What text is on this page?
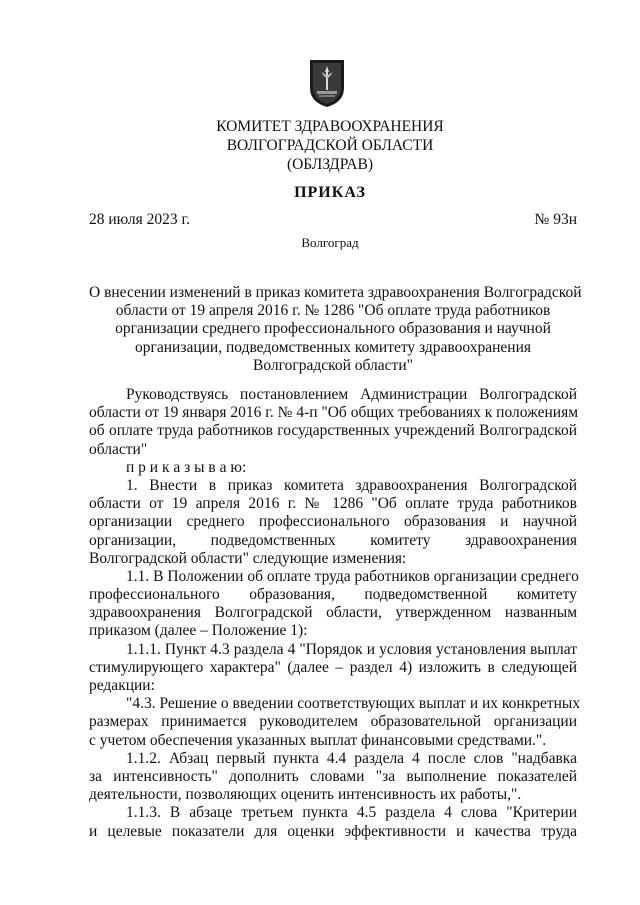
КОМИТЕТ ЗДРАВООХРАНЕНИЯ
ВОЛГОГРАДСКОЙ ОБЛАСТИ
(ОБЛЗДРАВ)
ПРИКАЗ
28 июля 2023 г.	№ 93н
Волгоград
О внесении изменений в приказ комитета здравоохранения Волгоградской
области от 19 апреля 2016 г. № 1286 "Об оплате труда работников
организации среднего профессионального образования и научной
организации, подведомственных комитету здравоохранения
Волгоградской области"
Руководствуясь постановлением Администрации Волгоградской
области от 19 января 2016 г. № 4-п "Об общих требованиях к положениям
об оплате труда работников государственных учреждений Волгоградской
области"
п р и к а з ы в а ю:
1. Внести в приказ комитета здравоохранения Волгоградской
области от 19 апреля 2016 г. № 1286 "Об оплате труда работников
организации среднего профессионального образования и научной
организации, подведомственных комитету здравоохранения
Волгоградской области" следующие изменения:
1.1. В Положении об оплате труда работников организации среднего
профессионального образования, подведомственной комитету
здравоохранения Волгоградской области, утвержденном названным
приказом (далее – Положение 1):
1.1.1. Пункт 4.3 раздела 4 "Порядок и условия установления выплат
стимулирующего характера" (далее – раздел 4) изложить в следующей
редакции:
"4.3. Решение о введении соответствующих выплат и их конкретных
размерах принимается руководителем образовательной организации
с учетом обеспечения указанных выплат финансовыми средствами.".
1.1.2. Абзац первый пункта 4.4 раздела 4 после слов "надбавка
за интенсивность" дополнить словами "за выполнение показателей
деятельности, позволяющих оценить интенсивность их работы,".
1.1.3. В абзаце третьем пункта 4.5 раздела 4 слова "Критерии
и целевые показатели для оценки эффективности и качества труда
